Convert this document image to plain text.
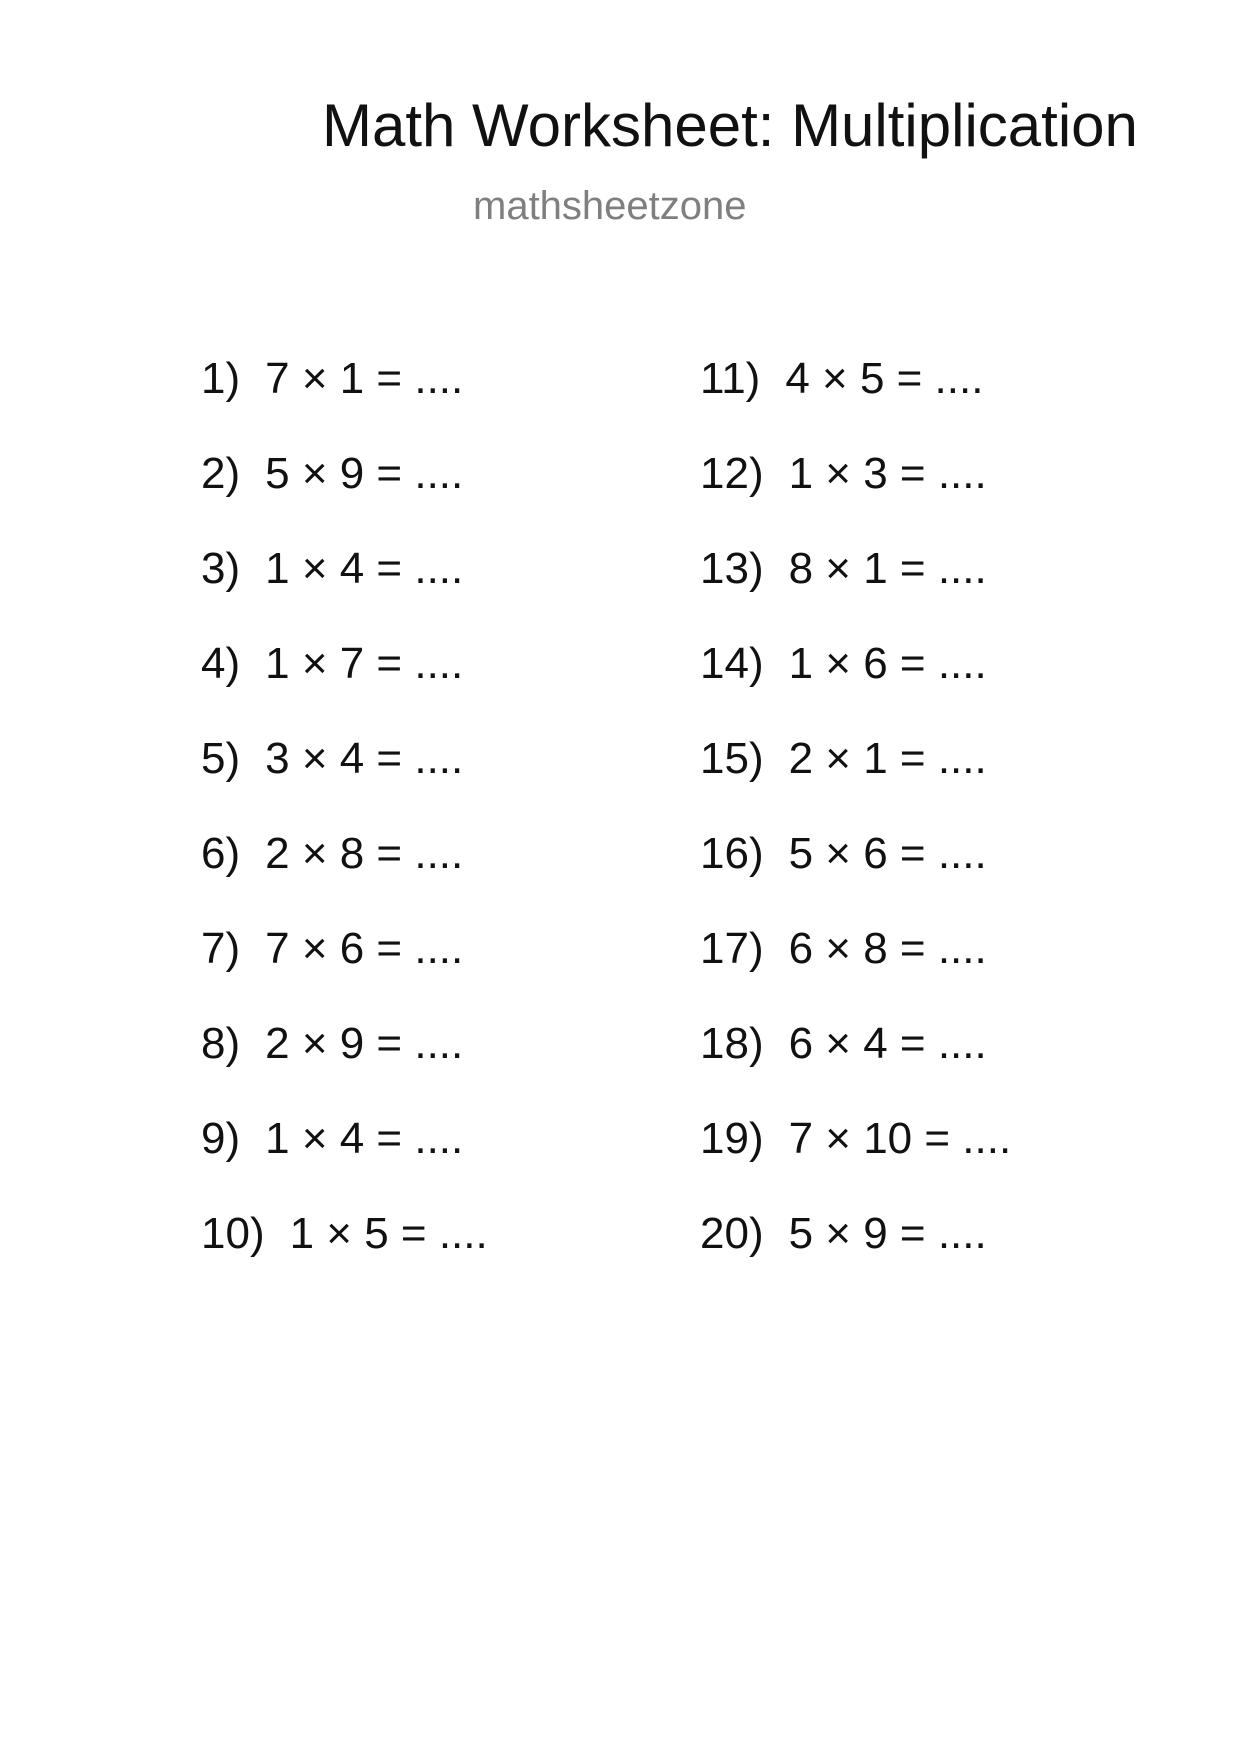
Math Worksheet: Multiplication
mathsheetzone
1) 7 × 1 = ....
2) 5 × 9 = ....
3) 1 × 4 = ....
4) 1 × 7 = ....
5) 3 × 4 = ....
6) 2 × 8 = ....
7) 7 × 6 = ....
8) 2 × 9 = ....
9) 1 × 4 = ....
10) 1 × 5 = ....
11) 4 × 5 = ....
12) 1 × 3 = ....
13) 8 × 1 = ....
14) 1 × 6 = ....
15) 2 × 1 = ....
16) 5 × 6 = ....
17) 6 × 8 = ....
18) 6 × 4 = ....
19) 7 × 10 = ....
20) 5 × 9 = ....
